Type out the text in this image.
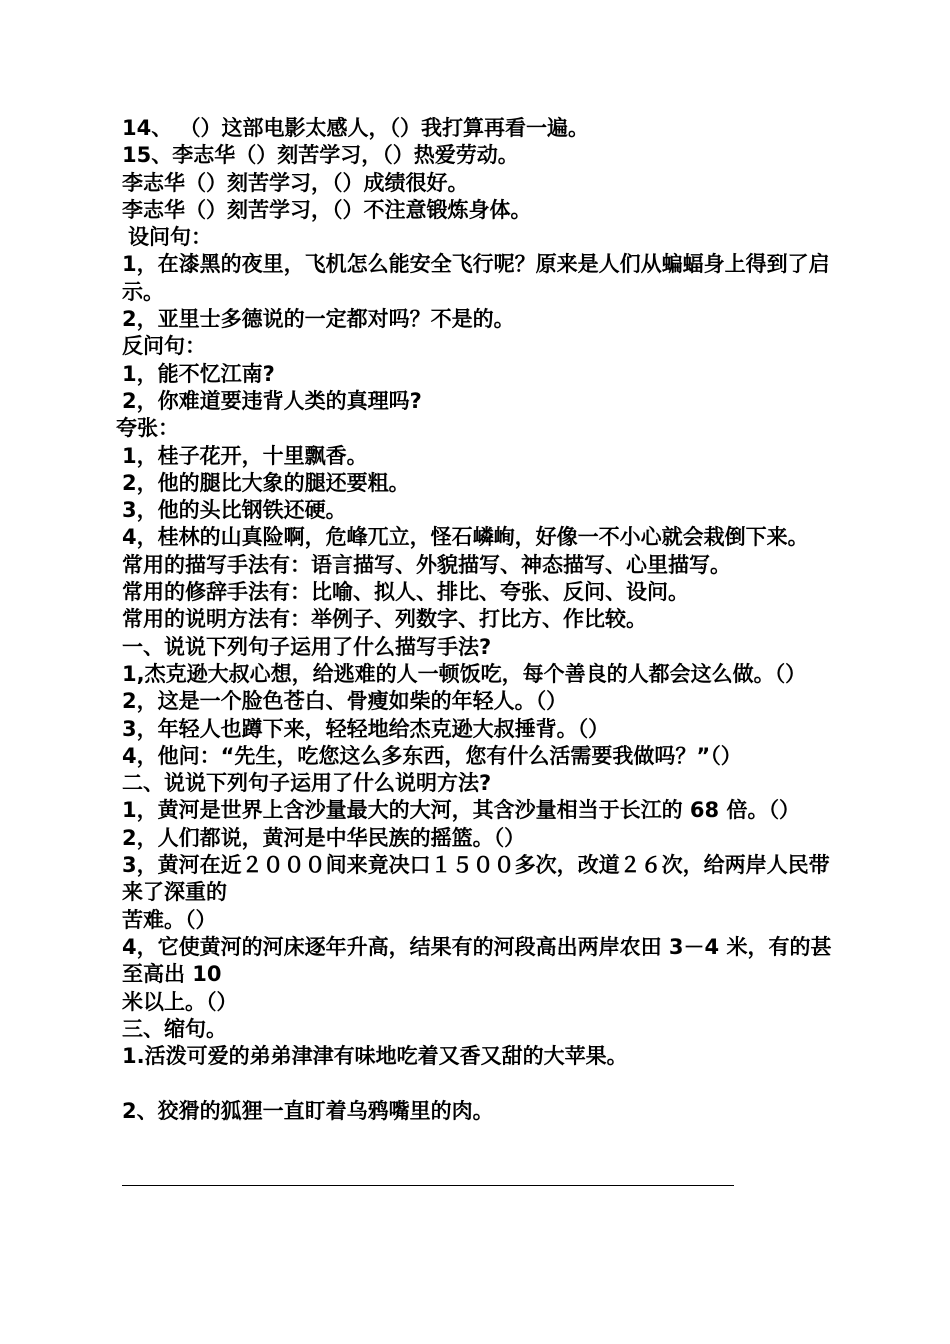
14、 （）这部电影太感人，（）我打算再看一遍。

15、李志华（）刻苦学习，（）热爱劳动。

李志华（）刻苦学习，（）成绩很好。

李志华（）刻苦学习，（）不注意锻炼身体。

设问句：

1，在漆黑的夜里，飞机怎么能安全飞行呢？原来是人们从蝙蝠身上得到了启示。

2，亚里士多德说的一定都对吗？不是的。

反问句：

1，能不忆江南?

2，你难道要违背人类的真理吗?

夸张：

1，桂子花开，十里飘香。

2，他的腿比大象的腿还要粗。

3，他的头比钢铁还硬。

4，桂林的山真险啊，危峰兀立，怪石嶙峋，好像一不小心就会栽倒下来。

常用的描写手法有：语言描写、外貌描写、神态描写、心里描写。

常用的修辞手法有：比喻、拟人、排比、夸张、反问、设问。

常用的说明方法有：举例子、列数字、打比方、作比较。

一、说说下列句子运用了什么描写手法?

1,杰克逊大叔心想，给逃难的人一顿饭吃，每个善良的人都会这么做。（）

2，这是一个脸色苍白、骨瘦如柴的年轻人。（）

3，年轻人也蹲下来，轻轻地给杰克逊大叔捶背。（）

4，他问：“先生，吃您这么多东西，您有什么活需要我做吗？”（）

二、说说下列句子运用了什么说明方法?

1，黄河是世界上含沙量最大的大河，其含沙量相当于长江的 68 倍。（）

2，人们都说，黄河是中华民族的摇篮。（）

3，黄河在近２０００间来竟决口１５００多次，改道２６次，给两岸人民带来了深重的

苦难。（）

4，它使黄河的河床逐年升高，结果有的河段高出两岸农田 3－4 米，有的甚至高出 10

米以上。（）

三、缩句。

1.活泼可爱的弟弟津津有味地吃着又香又甜的大苹果。

2、狡猾的狐狸一直盯着乌鸦嘴里的肉。
